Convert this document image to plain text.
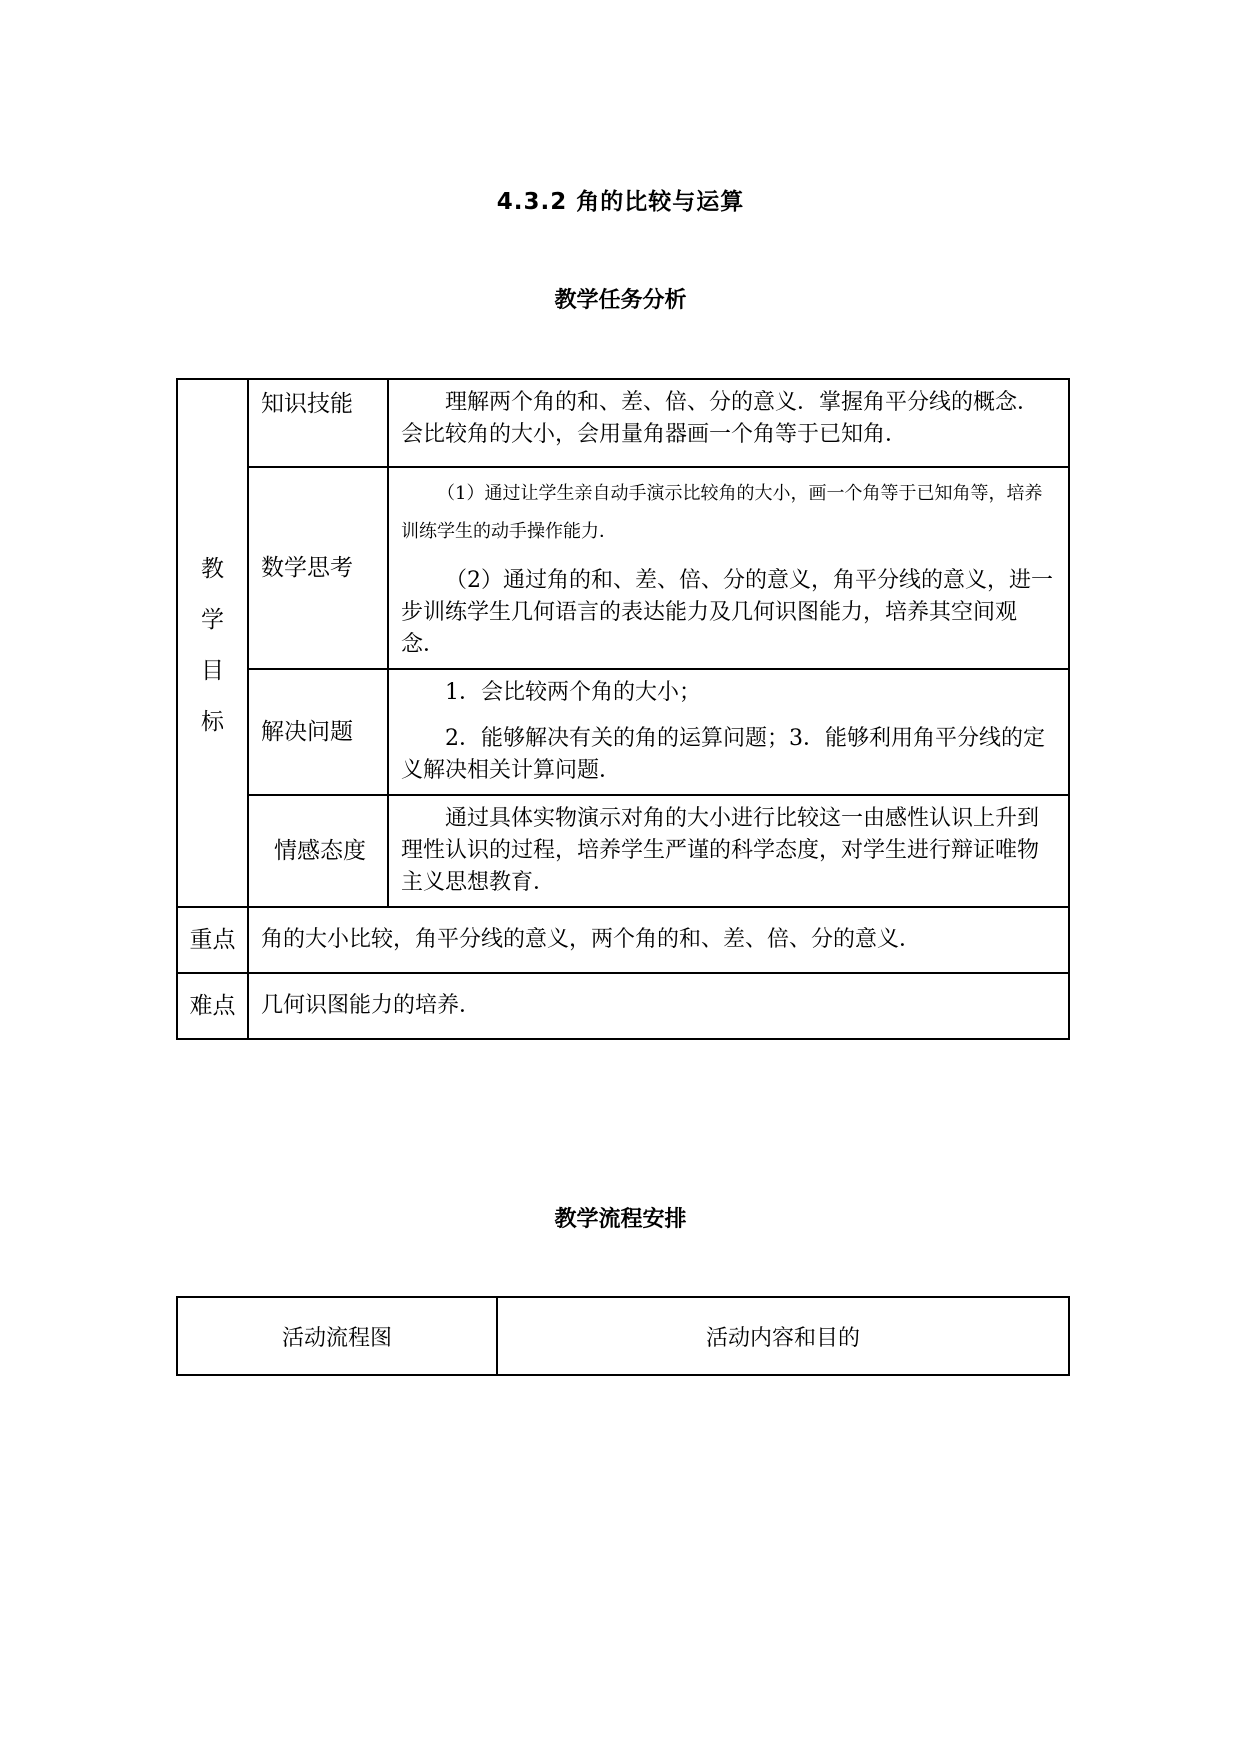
4.3.2 角的比较与运算
教学任务分析
教
学
目
标	知识技能	理解两个角的和、差、倍、分的意义．掌握角平分线的概念．会比较角的大小，会用量角器画一个角等于已知角．

	数学思考	（1）通过让学生亲自动手演示比较角的大小，画一个角等于已知角等，培养训练学生的动手操作能力．
（2）通过角的和、差、倍、分的意义，角平分线的意义，进一步训练学生几何语言的表达能力及几何识图能力，培养其空间观念．

	解决问题	1．会比较两个角的大小；
2．能够解决有关的角的运算问题；3．能够利用角平分线的定义解决相关计算问题．

	情感态度	通过具体实物演示对角的大小进行比较这一由感性认识上升到理性认识的过程，培养学生严谨的科学态度，对学生进行辩证唯物主义思想教育．

重点	角的大小比较，角平分线的意义，两个角的和、差、倍、分的意义．	
难点	几何识图能力的培养．	
教学流程安排
活动流程图	活动内容和目的
